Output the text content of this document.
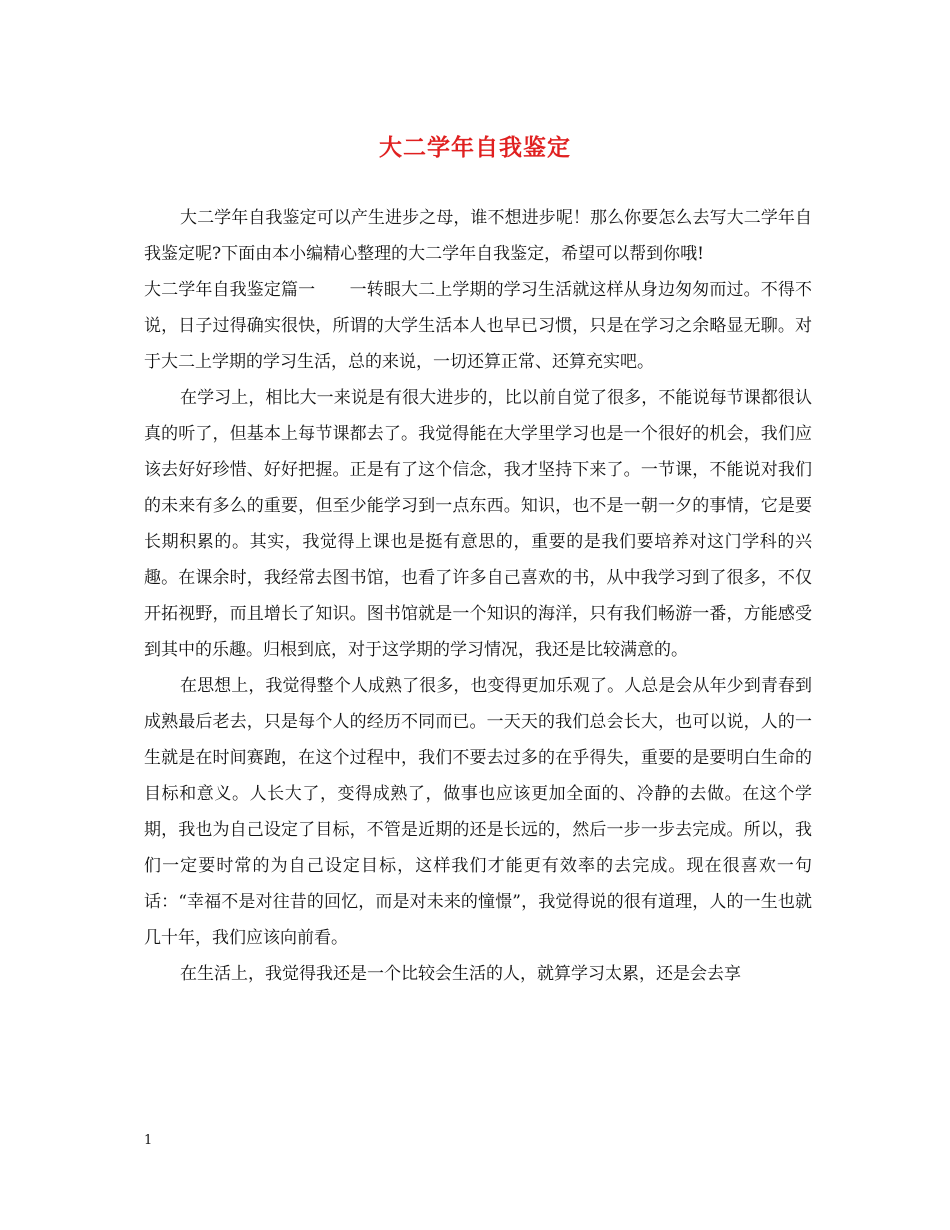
大二学年自我鉴定

大二学年自我鉴定可以产生进步之母，谁不想进步呢！那么你要怎么去写大二学年自我鉴定呢?下面由本小编精心整理的大二学年自我鉴定，希望可以帮到你哦!

大二学年自我鉴定篇一　　一转眼大二上学期的学习生活就这样从身边匆匆而过。不得不说，日子过得确实很快，所谓的大学生活本人也早已习惯，只是在学习之余略显无聊。对于大二上学期的学习生活，总的来说，一切还算正常、还算充实吧。

在学习上，相比大一来说是有很大进步的，比以前自觉了很多，不能说每节课都很认真的听了，但基本上每节课都去了。我觉得能在大学里学习也是一个很好的机会，我们应该去好好珍惜、好好把握。正是有了这个信念，我才坚持下来了。一节课，不能说对我们的未来有多么的重要，但至少能学习到一点东西。知识，也不是一朝一夕的事情，它是要长期积累的。其实，我觉得上课也是挺有意思的，重要的是我们要培养对这门学科的兴趣。在课余时，我经常去图书馆，也看了许多自己喜欢的书，从中我学习到了很多，不仅开拓视野，而且增长了知识。图书馆就是一个知识的海洋，只有我们畅游一番，方能感受到其中的乐趣。归根到底，对于这学期的学习情况，我还是比较满意的。

在思想上，我觉得整个人成熟了很多，也变得更加乐观了。人总是会从年少到青春到成熟最后老去，只是每个人的经历不同而已。一天天的我们总会长大，也可以说，人的一生就是在时间赛跑，在这个过程中，我们不要去过多的在乎得失，重要的是要明白生命的目标和意义。人长大了，变得成熟了，做事也应该更加全面的、冷静的去做。在这个学期，我也为自己设定了目标，不管是近期的还是长远的，然后一步一步去完成。所以，我们一定要时常的为自己设定目标，这样我们才能更有效率的去完成。现在很喜欢一句话：“幸福不是对往昔的回忆，而是对未来的憧憬”，我觉得说的很有道理，人的一生也就几十年，我们应该向前看。

在生活上，我觉得我还是一个比较会生活的人，就算学习太累，还是会去享

1
